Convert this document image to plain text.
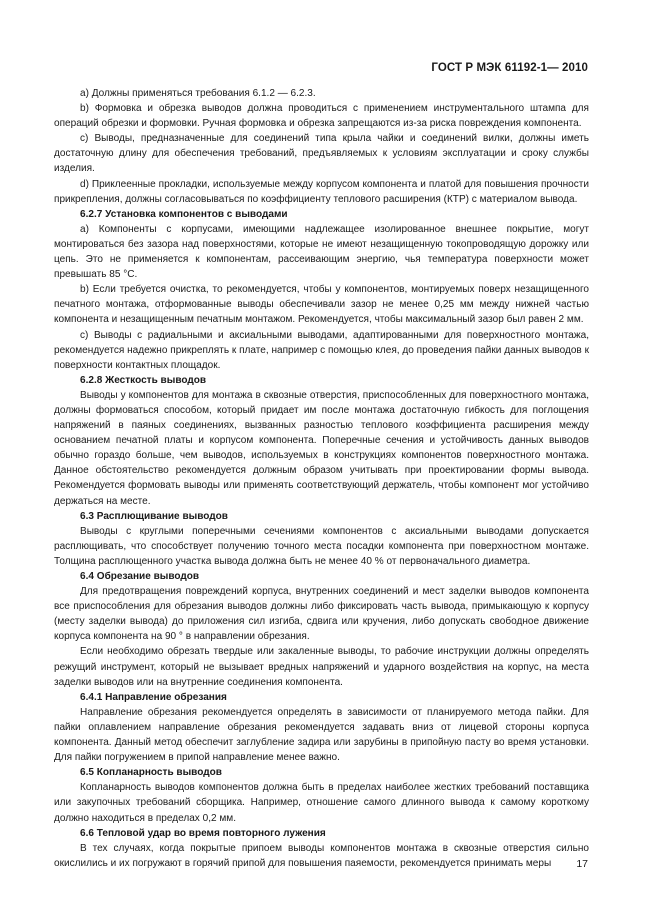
ГОСТ Р МЭК 61192-1— 2010

a) Должны применяться требования 6.1.2 — 6.2.3.

b) Формовка и обрезка выводов должна проводиться с применением инструментального штампа для операций обрезки и формовки. Ручная формовка и обрезка запрещаются из-за риска повреждения компонента.

c) Выводы, предназначенные для соединений типа крыла чайки и соединений вилки, должны иметь достаточную длину для обеспечения требований, предъявляемых к условиям эксплуатации и сроку службы изделия.

d) Приклеенные прокладки, используемые между корпусом компонента и платой для повышения прочности прикрепления, должны согласовываться по коэффициенту теплового расширения (КТР) с материалом вывода.

6.2.7 Установка компонентов с выводами

a) Компоненты с корпусами, имеющими надлежащее изолированное внешнее покрытие, могут монтироваться без зазора над поверхностями, которые не имеют незащищенную токопроводящую дорожку или цепь. Это не применяется к компонентам, рассеивающим энергию, чья температура поверхности может превышать 85 °С.

b) Если требуется очистка, то рекомендуется, чтобы у компонентов, монтируемых поверх незащищенного печатного монтажа, отформованные выводы обеспечивали зазор не менее 0,25 мм между нижней частью компонента и незащищенным печатным монтажом. Рекомендуется, чтобы максимальный зазор был равен 2 мм.

c) Выводы с радиальными и аксиальными выводами, адаптированными для поверхностного монтажа, рекомендуется надежно прикреплять к плате, например с помощью клея, до проведения пайки данных выводов к поверхности контактных площадок.

6.2.8 Жесткость выводов

Выводы у компонентов для монтажа в сквозные отверстия, приспособленных для поверхностного монтажа, должны формоваться способом, который придает им после монтажа достаточную гибкость для поглощения напряжений в паяных соединениях, вызванных разностью теплового коэффициента расширения между основанием печатной платы и корпусом компонента. Поперечные сечения и устойчивость данных выводов обычно гораздо больше, чем выводов, используемых в конструкциях компонентов поверхностного монтажа. Данное обстоятельство рекомендуется должным образом учитывать при проектировании формы вывода. Рекомендуется формовать выводы или применять соответствующий держатель, чтобы компонент мог устойчиво держаться на месте.

6.3 Расплющивание выводов

Выводы с круглыми поперечными сечениями компонентов с аксиальными выводами допускается расплющивать, что способствует получению точного места посадки компонента при поверхностном монтаже. Толщина расплющенного участка вывода должна быть не менее 40 % от первоначального диаметра.

6.4 Обрезание выводов

Для предотвращения повреждений корпуса, внутренних соединений и мест заделки выводов компонента все приспособления для обрезания выводов должны либо фиксировать часть вывода, примыкающую к корпусу (месту заделки вывода) до приложения сил изгиба, сдвига или кручения, либо допускать свободное движение корпуса компонента на 90 ° в направлении обрезания.

Если необходимо обрезать твердые или закаленные выводы, то рабочие инструкции должны определять режущий инструмент, который не вызывает вредных напряжений и ударного воздействия на корпус, на места заделки выводов или на внутренние соединения компонента.

6.4.1 Направление обрезания

Направление обрезания рекомендуется определять в зависимости от планируемого метода пайки. Для пайки оплавлением направление обрезания рекомендуется задавать вниз от лицевой стороны корпуса компонента. Данный метод обеспечит заглубление задира или зарубины в припойную пасту во время установки. Для пайки погружением в припой направление менее важно.

6.5 Копланарность выводов

Копланарность выводов компонентов должна быть в пределах наиболее жестких требований поставщика или закупочных требований сборщика. Например, отношение самого длинного вывода к самому короткому должно находиться в пределах 0,2 мм.

6.6 Тепловой удар во время повторного лужения

В тех случаях, когда покрытые припоем выводы компонентов монтажа в сквозные отверстия сильно окислились и их погружают в горячий припой для повышения паяемости, рекомендуется принимать меры	17
